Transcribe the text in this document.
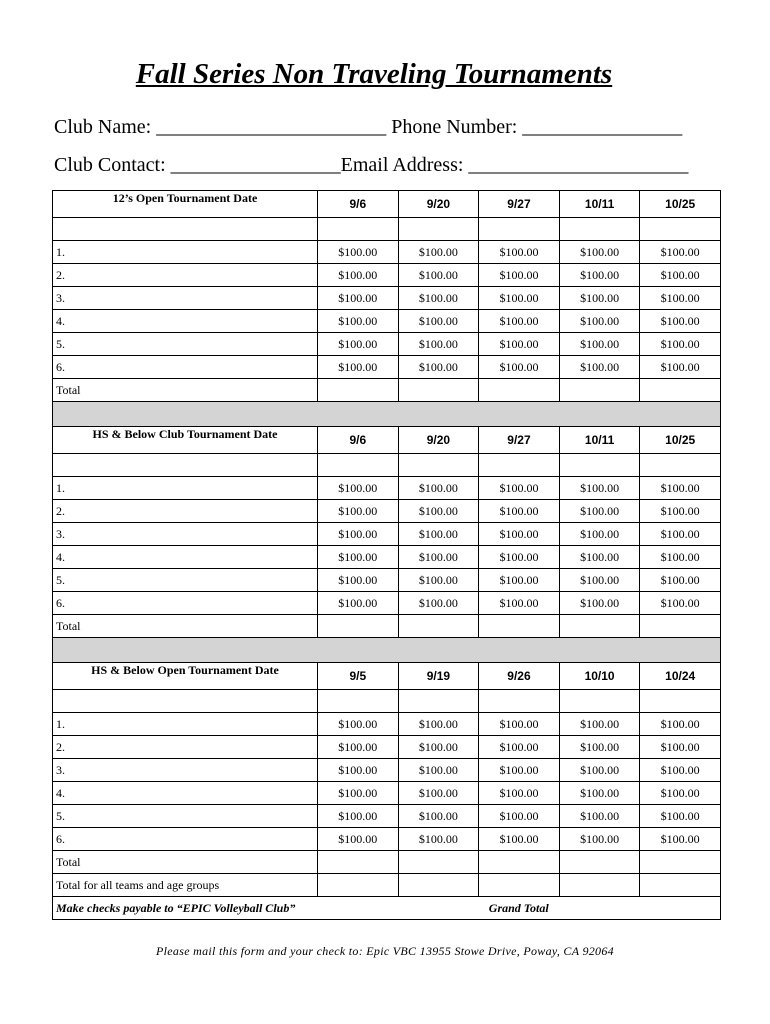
Fall Series Non Traveling Tournaments
Club Name: _______________________ Phone Number: ________________
Club Contact: _________________Email Address: ______________________
12’s Open Tournament Date	9/6	9/20	9/27	10/11	10/25

1.	$100.00	$100.00	$100.00	$100.00	$100.00
2.	$100.00	$100.00	$100.00	$100.00	$100.00
3.	$100.00	$100.00	$100.00	$100.00	$100.00
4.	$100.00	$100.00	$100.00	$100.00	$100.00
5.	$100.00	$100.00	$100.00	$100.00	$100.00
6.	$100.00	$100.00	$100.00	$100.00	$100.00
Total					

HS & Below Club Tournament Date	9/6	9/20	9/27	10/11	10/25

1.	$100.00	$100.00	$100.00	$100.00	$100.00
2.	$100.00	$100.00	$100.00	$100.00	$100.00
3.	$100.00	$100.00	$100.00	$100.00	$100.00
4.	$100.00	$100.00	$100.00	$100.00	$100.00
5.	$100.00	$100.00	$100.00	$100.00	$100.00
6.	$100.00	$100.00	$100.00	$100.00	$100.00
Total					

HS & Below Open Tournament Date	9/5	9/19	9/26	10/10	10/24

1.	$100.00	$100.00	$100.00	$100.00	$100.00
2.	$100.00	$100.00	$100.00	$100.00	$100.00
3.	$100.00	$100.00	$100.00	$100.00	$100.00
4.	$100.00	$100.00	$100.00	$100.00	$100.00
5.	$100.00	$100.00	$100.00	$100.00	$100.00
6.	$100.00	$100.00	$100.00	$100.00	$100.00
Total					
Total for all teams and age groups					
Make checks payable to “EPIC Volleyball Club”	Grand Total				
Please mail this form and your check to: Epic VBC 13955 Stowe Drive, Poway, CA 92064
